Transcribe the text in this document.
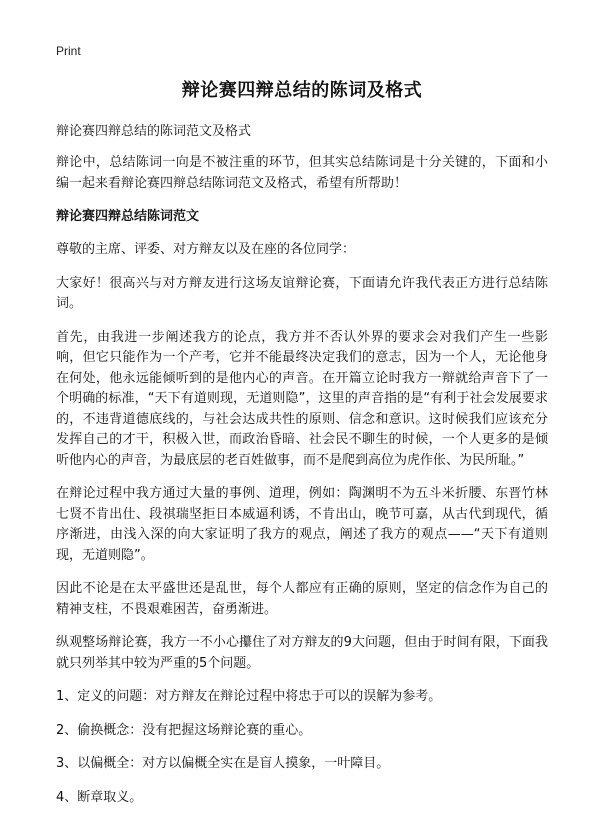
Print
辩论赛四辩总结的陈词及格式
辩论赛四辩总结的陈词范文及格式

辩论中，总结陈词一向是不被注重的环节，但其实总结陈词是十分关键的，下面和小编一起来看辩论赛四辩总结陈词范文及格式，希望有所帮助！

辩论赛四辩总结陈词范文

尊敬的主席、评委、对方辩友以及在座的各位同学：

大家好！很高兴与对方辩友进行这场友谊辩论赛，下面请允许我代表正方进行总结陈词。

首先，由我进一步阐述我方的论点，我方并不否认外界的要求会对我们产生一些影响，但它只能作为一个产考，它并不能最终决定我们的意志，因为一个人，无论他身在何处，他永远能倾听到的是他内心的声音。在开篇立论时我方一辩就给声音下了一个明确的标准，“天下有道则现，无道则隐”，这里的声音指的是“有利于社会发展要求的，不违背道德底线的，与社会达成共性的原则、信念和意识。这时候我们应该充分发挥自己的才干，积极入世，而政治昏暗、社会民不聊生的时候，一个人更多的是倾听他内心的声音，为最底层的老百姓做事，而不是爬到高位为虎作伥、为民所耻。”

在辩论过程中我方通过大量的事例、道理，例如：陶渊明不为五斗米折腰、东晋竹林七贤不肯出仕、段祺瑞坚拒日本威逼利诱，不肯出山，晚节可嘉，从古代到现代，循序渐进，由浅入深的向大家证明了我方的观点，阐述了我方的观点——“天下有道则现，无道则隐”。

因此不论是在太平盛世还是乱世，每个人都应有正确的原则，坚定的信念作为自己的精神支柱，不畏艰难困苦，奋勇渐进。

纵观整场辩论赛，我方一不小心攥住了对方辩友的9大问题，但由于时间有限，下面我就只列举其中较为严重的5个问题。

1、定义的问题：对方辩友在辩论过程中将忠于可以的误解为参考。

2、偷换概念：没有把握这场辩论赛的重心。

3、以偏概全：对方以偏概全实在是盲人摸象，一叶障目。

4、断章取义。
